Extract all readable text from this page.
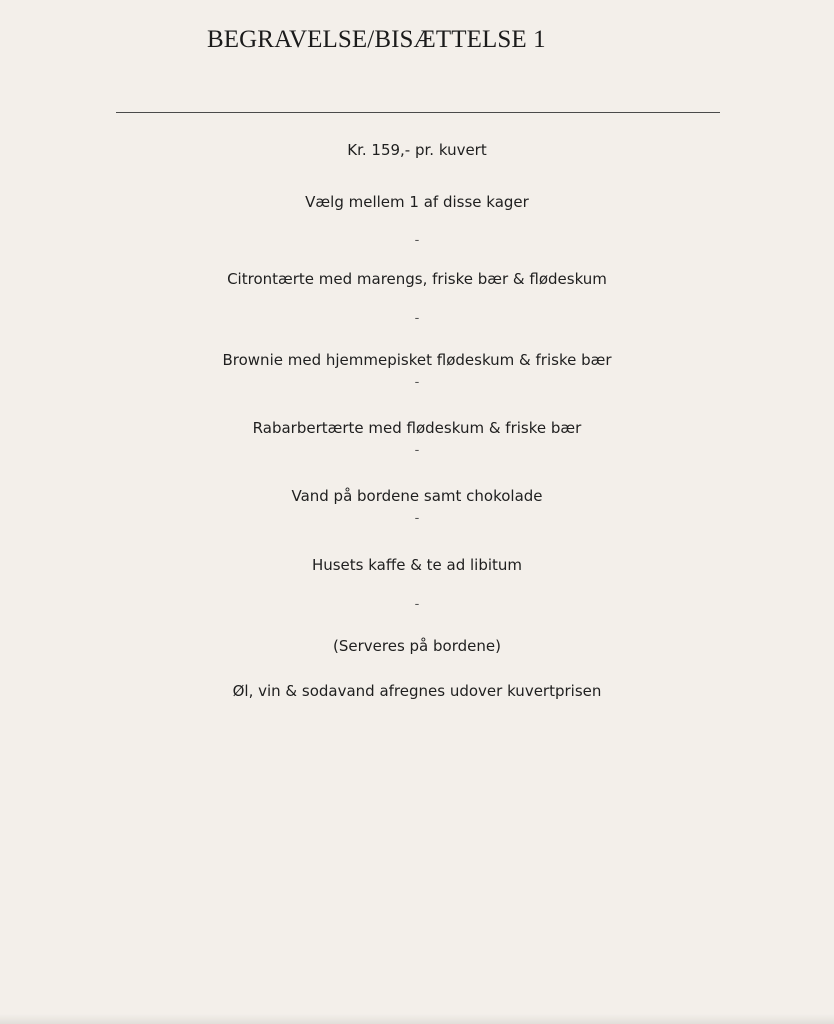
BEGRAVELSE/BISÆTTELSE 1
Kr. 159,- pr. kuvert
Vælg mellem 1 af disse kager
-
Citrontærte med marengs, friske bær & flødeskum
-
Brownie med hjemmepisket flødeskum & friske bær
-
Rabarbertærte med flødeskum & friske bær
-
Vand på bordene samt chokolade
-
Husets kaffe & te ad libitum
-
(Serveres på bordene)
Øl, vin & sodavand afregnes udover kuvertprisen
